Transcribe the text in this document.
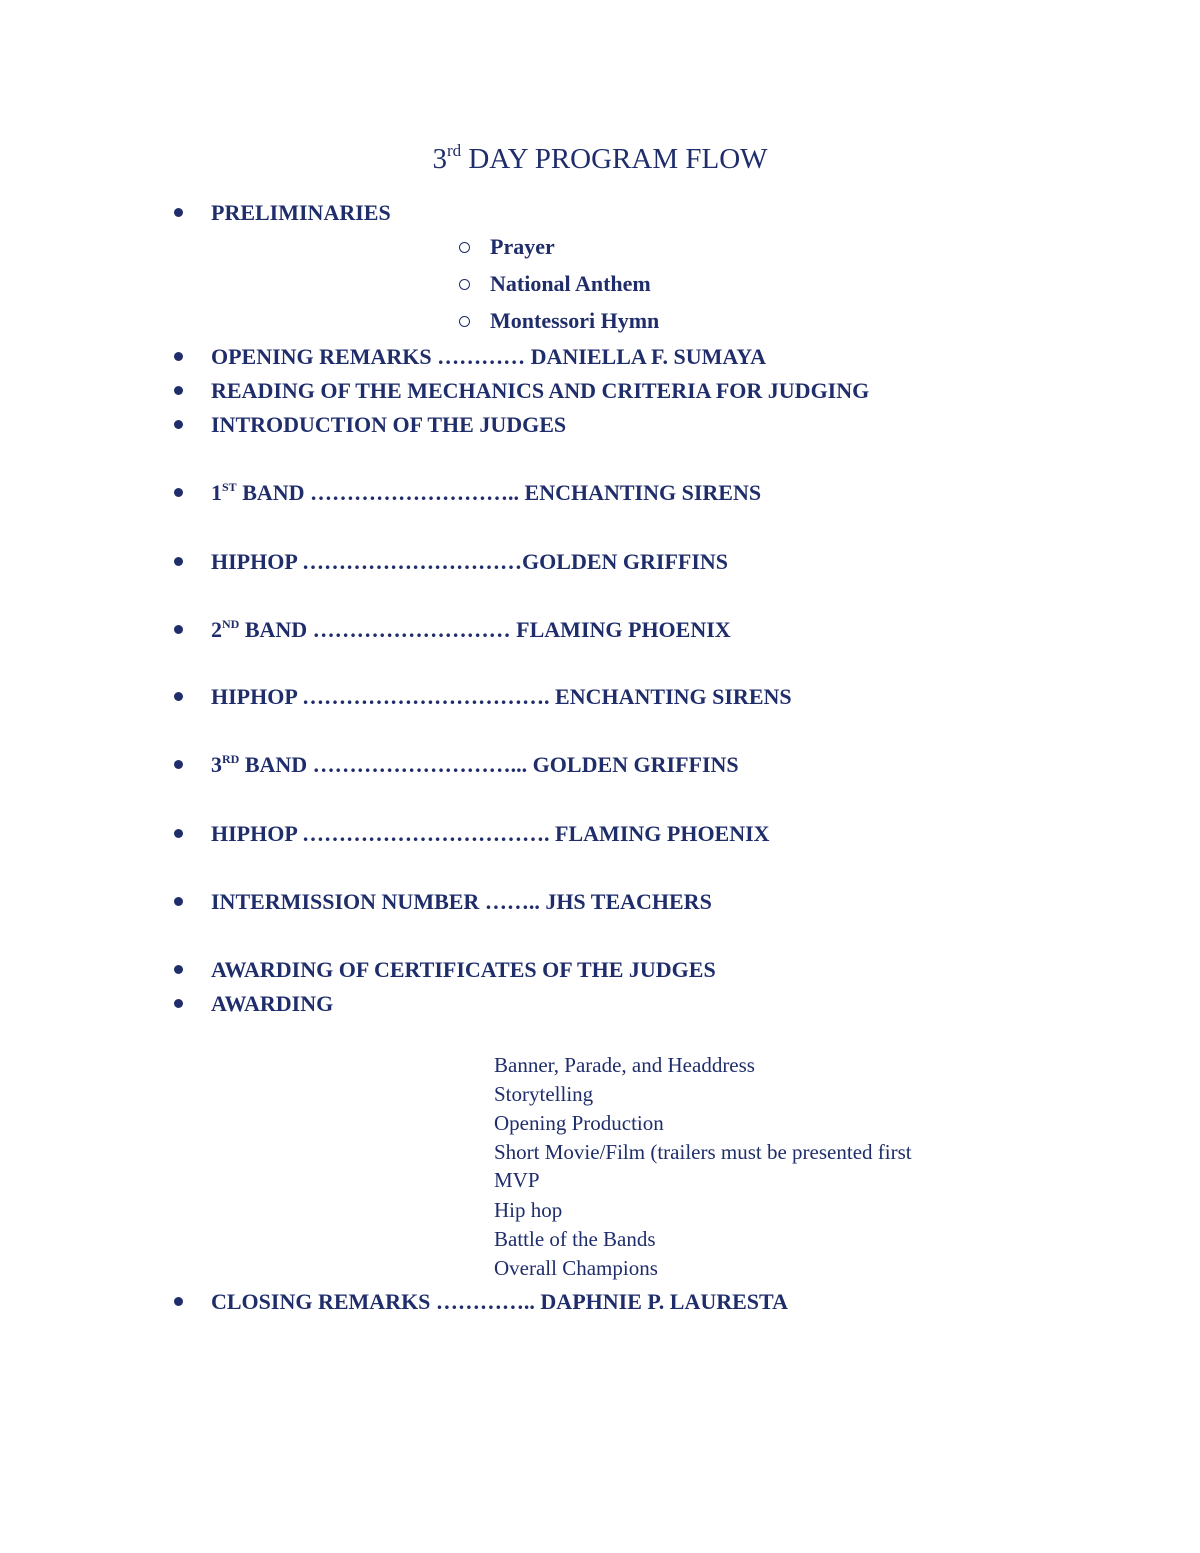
3rd DAY PROGRAM FLOW
PRELIMINARIES
Prayer
National Anthem
Montessori Hymn
OPENING REMARKS ………… DANIELLA F. SUMAYA
READING OF THE MECHANICS AND CRITERIA FOR JUDGING
INTRODUCTION OF THE JUDGES
1ST BAND ……………………….. ENCHANTING SIRENS
HIPHOP …………………………GOLDEN GRIFFINS
2ND BAND ……………………… FLAMING PHOENIX
HIPHOP ……………………………. ENCHANTING SIRENS
3RD BAND ………………………... GOLDEN GRIFFINS
HIPHOP ……………………………. FLAMING PHOENIX
INTERMISSION NUMBER …….. JHS TEACHERS
AWARDING OF CERTIFICATES OF THE JUDGES
AWARDING
Banner, Parade, and Headdress
Storytelling
Opening Production
Short Movie/Film (trailers must be presented first
MVP
Hip hop
Battle of the Bands
Overall Champions
CLOSING REMARKS ………….. DAPHNIE P. LAURESTA
